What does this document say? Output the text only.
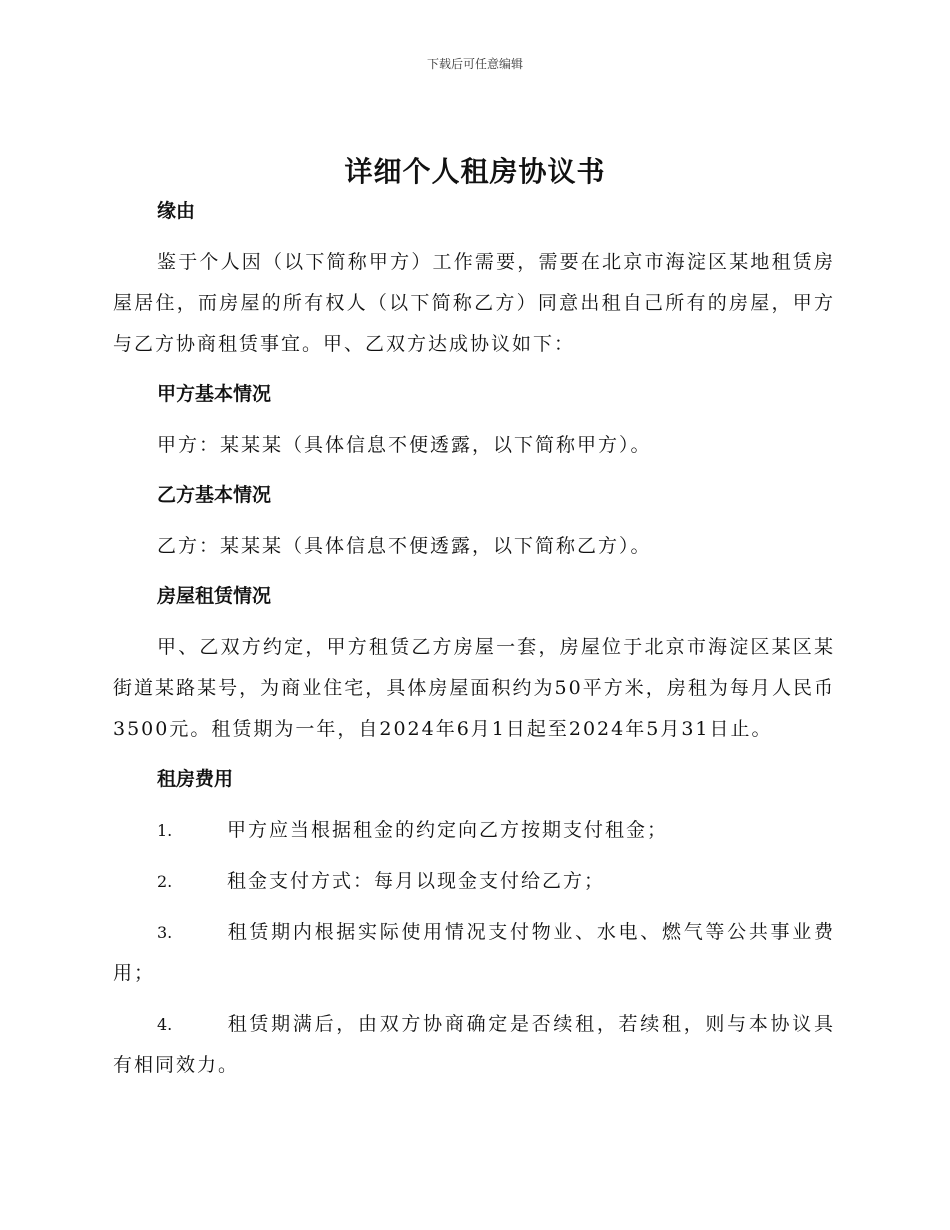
下载后可任意编辑
详细个人租房协议书
缘由
鉴于个人因（以下简称甲方）工作需要，需要在北京市海淀区某地租赁房屋居住，而房屋的所有权人（以下简称乙方）同意出租自己所有的房屋，甲方与乙方协商租赁事宜。甲、乙双方达成协议如下：
甲方基本情况
甲方：某某某（具体信息不便透露，以下简称甲方）。
乙方基本情况
乙方：某某某（具体信息不便透露，以下简称乙方）。
房屋租赁情况
甲、乙双方约定，甲方租赁乙方房屋一套，房屋位于北京市海淀区某区某街道某路某号，为商业住宅，具体房屋面积约为50平方米，房租为每月人民币3500元。租赁期为一年，自2024年6月1日起至2024年5月31日止。
租房费用
1.	甲方应当根据租金的约定向乙方按期支付租金；
2.	租金支付方式：每月以现金支付给乙方；
3.	租赁期内根据实际使用情况支付物业、水电、燃气等公共事业费用；
4.	租赁期满后，由双方协商确定是否续租，若续租，则与本协议具有相同效力。
